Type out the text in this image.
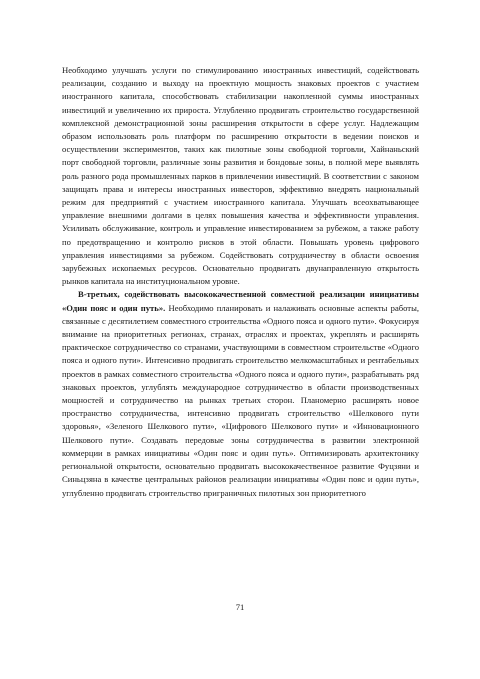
Необходимо улучшать услуги по стимулированию иностранных инвестиций, содействовать реализации, созданию и выходу на проектную мощность знаковых проектов с участием иностранного капитала, способствовать стабилизации накопленной суммы иностранных инвестиций и увеличению их прироста. Углубленно продвигать строительство государственной комплексной демонстрационной зоны расширения открытости в сфере услуг. Надлежащим образом использовать роль платформ по расширению открытости в ведении поисков и осуществлении экспериментов, таких как пилотные зоны свободной торговли, Хайнаньский порт свободной торговли, различные зоны развития и бондовые зоны, в полной мере выявлять роль разного рода промышленных парков в привлечении инвестиций. В соответствии с законом защищать права и интересы иностранных инвесторов, эффективно внедрять национальный режим для предприятий с участием иностранного капитала. Улучшать всеохватывающее управление внешними долгами в целях повышения качества и эффективности управления. Усиливать обслуживание, контроль и управление инвестированием за рубежом, а также работу по предотвращению и контролю рисков в этой области. Повышать уровень цифрового управления инвестициями за рубежом. Содействовать сотрудничеству в области освоения зарубежных ископаемых ресурсов. Основательно продвигать двунаправленную открытость рынков капитала на институциональном уровне.

В-третьих, содействовать высококачественной совместной реализации инициативы «Один пояс и один путь». Необходимо планировать и налаживать основные аспекты работы, связанные с десятилетием совместного строительства «Одного пояса и одного пути». Фокусируя внимание на приоритетных регионах, странах, отраслях и проектах, укреплять и расширять практическое сотрудничество со странами, участвующими в совместном строительстве «Одного пояса и одного пути». Интенсивно продвигать строительство мелкомасштабных и рентабельных проектов в рамках совместного строительства «Одного пояса и одного пути», разрабатывать ряд знаковых проектов, углублять международное сотрудничество в области производственных мощностей и сотрудничество на рынках третьих сторон. Планомерно расширять новое пространство сотрудничества, интенсивно продвигать строительство «Шелкового пути здоровья», «Зеленого Шелкового пути», «Цифрового Шелкового пути» и «Инновационного Шелкового пути». Создавать передовые зоны сотрудничества в развитии электронной коммерции в рамках инициативы «Один пояс и один путь». Оптимизировать архитектонику региональной открытости, основательно продвигать высококачественное развитие Фуцзяни и Синьцзяна в качестве центральных районов реализации инициативы «Один пояс и один путь», углубленно продвигать строительство приграничных пилотных зон приоритетного

71
